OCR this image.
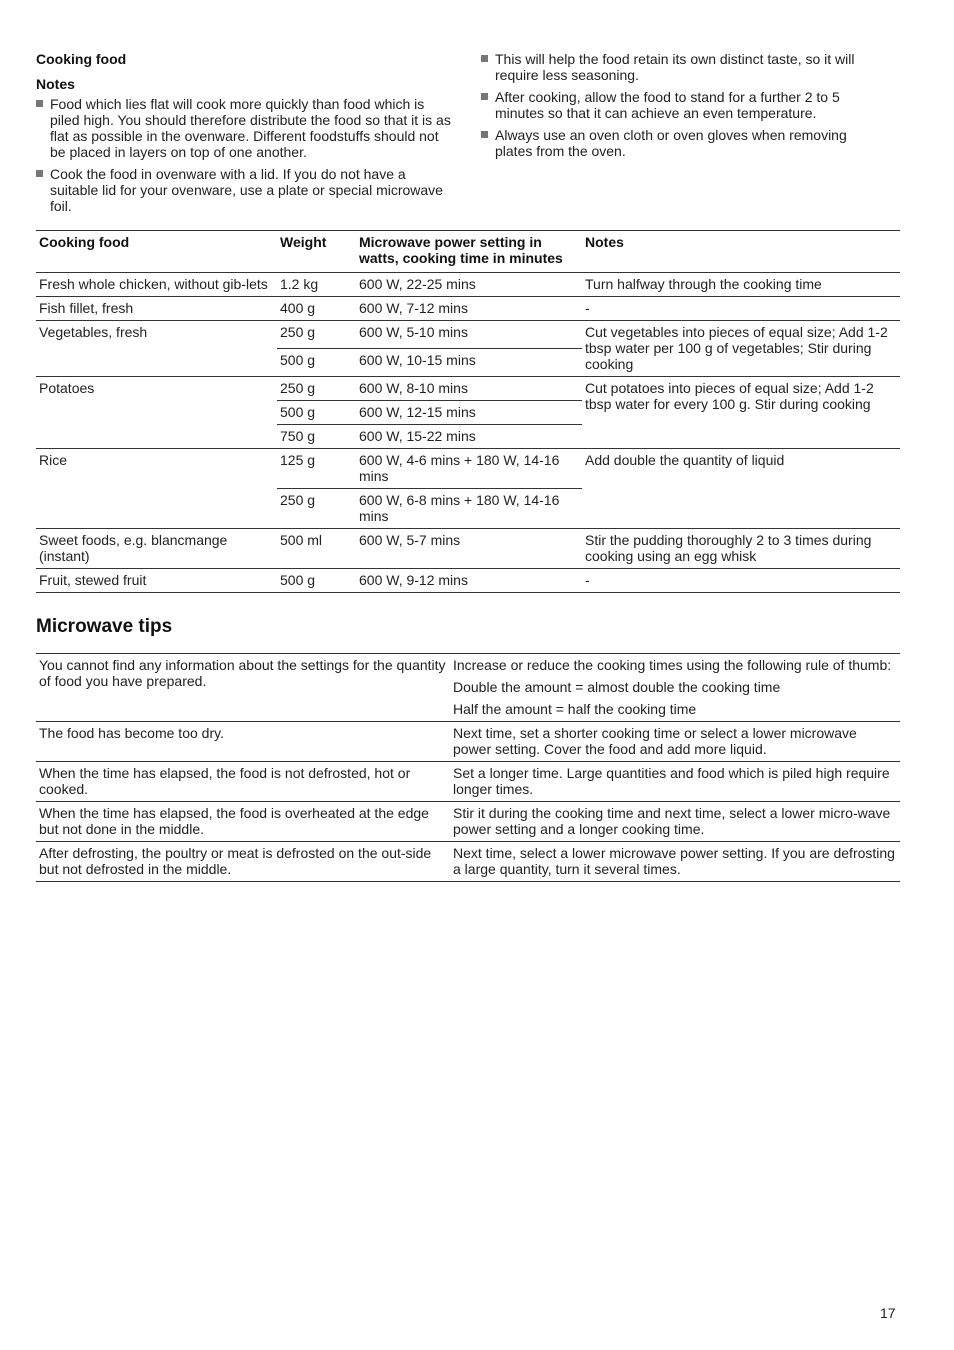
Cooking food
Notes

Food which lies flat will cook more quickly than food which is piled high. You should therefore distribute the food so that it is as flat as possible in the ovenware. Different foodstuffs should not be placed in layers on top of one another.

Cook the food in ovenware with a lid. If you do not have a suitable lid for your ovenware, use a plate or special microwave foil.

This will help the food retain its own distinct taste, so it will require less seasoning.

After cooking, allow the food to stand for a further 2 to 5 minutes so that it can achieve an even temperature.

Always use an oven cloth or oven gloves when removing plates from the oven.

Cooking food	Weight	Microwave power setting in watts, cooking time in minutes	Notes
Fresh whole chicken, without gib-lets	1.2 kg	600 W, 22-25 mins	Turn halfway through the cooking time
Fish fillet, fresh	400 g	600 W, 7-12 mins	-
Vegetables, fresh	250 g	600 W, 5-10 mins	Cut vegetables into pieces of equal size; Add 1-2 tbsp water per 100 g of vegetables; Stir during cooking
	500 g	600 W, 10-15 mins	
Potatoes	250 g	600 W, 8-10 mins	Cut potatoes into pieces of equal size; Add 1-2 tbsp water for every 100 g. Stir during cooking
	500 g	600 W, 12-15 mins	
	750 g	600 W, 15-22 mins	
Rice	125 g	600 W, 4-6 mins + 180 W, 14-16 mins	Add double the quantity of liquid
	250 g	600 W, 6-8 mins + 180 W, 14-16 mins	
Sweet foods, e.g. blancmange (instant)	500 ml	600 W, 5-7 mins	Stir the pudding thoroughly 2 to 3 times during cooking using an egg whisk
Fruit, stewed fruit	500 g	600 W, 9-12 mins	-
Microwave tips
You cannot find any information about the settings for the quantity of food you have prepared.	Increase or reduce the cooking times using the following rule of thumb:
Double the amount = almost double the cooking time
Half the amount = half the cooking time

The food has become too dry.	Next time, set a shorter cooking time or select a lower microwave power setting. Cover the food and add more liquid.
When the time has elapsed, the food is not defrosted, hot or cooked.	Set a longer time. Large quantities and food which is piled high require longer times.
When the time has elapsed, the food is overheated at the edge but not done in the middle.	Stir it during the cooking time and next time, select a lower micro-wave power setting and a longer cooking time.
After defrosting, the poultry or meat is defrosted on the out-side but not defrosted in the middle.	Next time, select a lower microwave power setting. If you are defrosting a large quantity, turn it several times.
17
